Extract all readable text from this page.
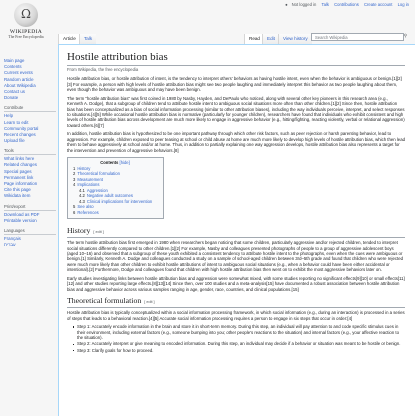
● Not logged in Talk Contributions Create account Log in
Ω
WIKIPEDIA
The Free Encyclopedia	Article	Talk	Read	Edit	View history	Search Wikipedia	⚲
Main page
Contents
Current events
Random article
About Wikipedia
Contact us
Donate
Contribute
Help
Learn to edit
Community portal
Recent changes
Upload file
Tools
What links here
Related changes
Special pages
Permanent link
Page information
Cite this page
Wikidata item
Print/export
Download as PDF
Printable version
Languages
Français
עברית
Hostile attribution bias
From Wikipedia, the free encyclopedia

Hostile attribution bias, or hostile attribution of intent, is the tendency to interpret others' behaviors as having hostile intent, even when the behavior is ambiguous or benign.[1][2][3] For example, a person with high levels of hostile attribution bias might see two people laughing and immediately interpret this behavior as two people laughing about them, even though the behavior was ambiguous and may have been benign.

The term "hostile attribution bias" was first coined in 1980 by Nasby, Hayden, and DePaulo who noticed, along with several other key pioneers in this research area (e.g., Kenneth A. Dodge), that a subgroup of children tend to attribute hostile intent to ambiguous social situations more often than other children.[1][2] Since then, hostile attribution bias has been conceptualized as a bias of social information processing (similar to other attribution biases), including the way individuals perceive, interpret, and select responses to situations.[4][5] While occasional hostile attribution bias is normative (particularly for younger children), researchers have found that individuals who exhibit consistent and high levels of hostile attribution bias across development are much more likely to engage in aggressive behavior (e.g., hitting/fighting, reacting violently, verbal or relational aggression) toward others.[6][7]

In addition, hostile attribution bias is hypothesized to be one important pathway through which other risk factors, such as peer rejection or harsh parenting behavior, lead to aggression. For example, children exposed to peer teasing at school or child abuse at home are much more likely to develop high levels of hostile attribution bias, which then lead them to behave aggressively at school and/or at home. Thus, in addition to partially explaining one way aggression develops, hostile attribution bias also represents a target for the intervention and prevention of aggressive behaviors.[8]

Contents [hide]
1 History
2 Theoretical formulation
3 Measurement
4 Implications
4.1 Aggression
4.2 Negative adult outcomes
4.3 Clinical implications for intervention
5 See also
6 References
History [ edit ]

The term hostile attribution bias first emerged in 1980 when researchers began noticing that some children, particularly aggressive and/or rejected children, tended to interpret social situations differently compared to other children.[1][2] For example, Nasby and colleagues presented photographs of people to a group of aggressive adolescent boys (aged 10–16) and observed that a subgroup of these youth exhibited a consistent tendency to attribute hostile intent to the photographs, even when the cues were ambiguous or benign.[1] Similarly, Kenneth A. Dodge and colleagues conducted a study on a sample of school-aged children between 3rd–5th grade and found that children who were rejected were much more likely than other children to exhibit hostile attributions of intent to ambiguous social situations (e.g., when a behavior could have been either accidental or intentional).[2] Furthermore, Dodge and colleagues found that children with high hostile attribution bias then went on to exhibit the most aggressive behaviors later on.

Early studies investigating links between hostile attribution bias and aggression were somewhat mixed, with some studies reporting no significant effects[9][10] or small effects[11][12] and other studies reporting large effects.[8][13][14] Since then, over 100 studies and a meta-analysis[15] have documented a robust association between hostile attribution bias and aggressive behavior across various samples ranging in age, gender, race, countries, and clinical populations.[15]

Theoretical formulation [ edit ]

Hostile attribution bias is typically conceptualized within a social information processing framework, in which social information (e.g., during an interaction) is processed in a series of steps that leads to a behavioral reaction.[4][5] Accurate social information processing requires a person to engage in six steps that occur in order:[4]

Step 1: Accurately encode information in the brain and store it in short-term memory. During this step, an individual will pay attention to and code specific stimulus cues in their environment, including external factors (e.g., someone bumping into you; other people's reactions to the situation) and internal factors (e.g., your affective reaction to the situation).
Step 2: Accurately interpret or give meaning to encoded information. During this step, an individual may decide if a behavior or situation was meant to be hostile or benign.
Step 3: Clarify goals for how to proceed.
